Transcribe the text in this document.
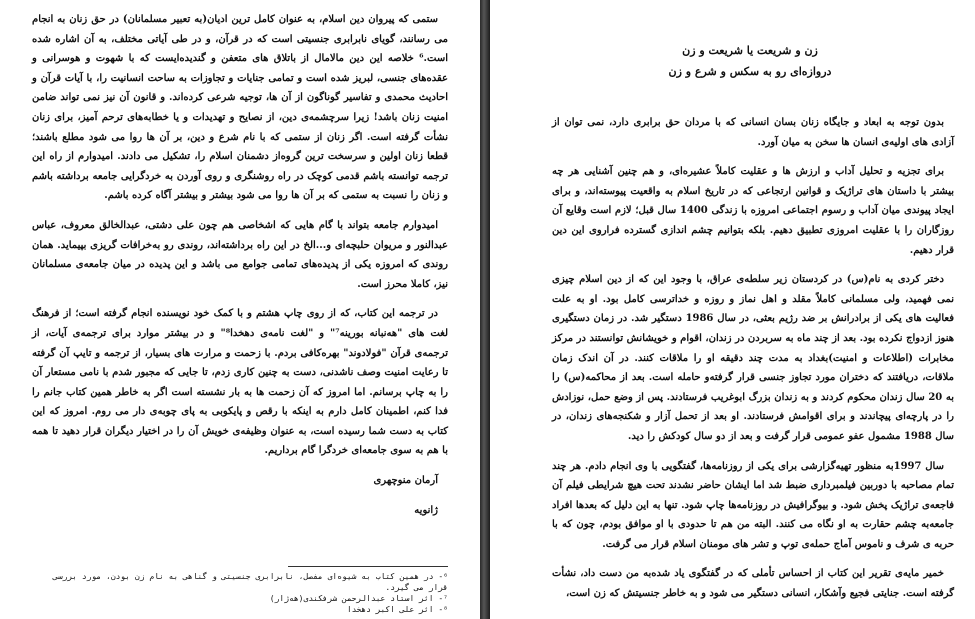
ستمی که پیروان دین اسلام، به عنوان کامل ترین ادیان(به تعبیر مسلمانان) در حق زنان به انجام می رسانند، گویای نابرابری جنسیتی است که در قرآن، و در طی آیاتی مختلف، به آن اشاره شده است.⁶ خلاصه این دین مالامال از باتلاق های متعفن و گندیده‌ایست که با شهوت و هوسرانی و عقده‌های جنسی، لبریز شده است و تمامی جنایات و تجاوزات به ساحت انسانیت را، با آیات قرآن و احادیث محمدی و تفاسیر گوناگون از آن ها، توجیه شرعی کرده‌اند. و قانون آن نیز نمی تواند ضامن امنیت زنان باشد! زیرا سرچشمه‌ی دین، از نصایح و تهدیدات و یا خطابه‌های ترحم آمیز، برای زنان نشأت گرفته است. اگر زنان از ستمی که با نام شرع و دین، بر آن ها روا می شود مطلع باشند؛ قطعا زنان اولین و سرسخت ترین گروه‌از دشمنان اسلام را، تشکیل می دادند. امیدوارم از راه این ترجمه توانسته باشم قدمی کوچک در راه روشنگری و روی آوردن به خردگرایی جامعه برداشته باشم و زنان را نسبت به ستمی که بر آن ها روا می شود بیشتر و بیشتر آگاه کرده باشم.

امیدوارم جامعه بتواند با گام هایی که اشخاصی هم چون علی دشتی، عبدالخالق معروف، عباس عبدالنور و مریوان حلبچه‌ای و...الخ در این راه برداشته‌اند، روندی رو به‌خرافات گریزی بپیماید. همان روندی که امروزه یکی از پدیده‌های تمامی جوامع می باشد و این پدیده در میان جامعه‌ی مسلمانان نیز، کاملا محرز است.

در ترجمه این کتاب، که از روی چاپ هشتم و با کمک خود نویسنده انجام گرفته است؛ از فرهنگ لغت های "هه‌نبانه بورینه⁷" و "لغت نامه‌ی دهخدا⁸" و در بیشتر موارد برای ترجمه‌ی آیات، از ترجمه‌ی قرآن "فولادوند" بهره‌کافی بردم. با زحمت و مرارت های بسیار، از ترجمه و تایپ آن گرفته تا رعایت امنیت وصف ناشدنی، دست به چنین کاری زدم، تا جایی که مجبور شدم با نامی مستعار آن را به چاپ برسانم. اما امروز که آن زحمت ها به بار نشسته است اگر به خاطر همین کتاب جانم را فدا کنم، اطمینان کامل دارم به اینکه با رقص و پایکوبی به پای چوبه‌ی دار می روم. امروز که این کتاب به دست شما رسیده است، به عنوان وظیفه‌ی خویش آن را در اختیار دیگران قرار دهید تا همه با هم به سوی جامعه‌ای خردگرا گام برداریم.

آرمان منوچهری

ژانویه

⁶- در همین کتاب به شیوه‌ای مفصل، نابرابری جنسیتی و گناهی به نام زن بودن، مورد بررسی قرار می گیرد.
⁷- اثر استاد عبدالرحمن شرفکندی(هه‌ژار)
⁸- اثر علی اکبر دهخدا
زن و شریعت یا شریعت و زن
دروازه‌ای رو به سکس و شرع و زن

بدون توجه به ابعاد و جایگاه زنان بسان انسانی که با مردان حق برابری دارد، نمی توان از آزادی های اولیه‌ی انسان ها سخن به میان آورد.

برای تجزیه و تحلیل آداب و ارزش ها و عقلیت کاملاً عشیره‌ای، و هم چنین آشنایی هر چه بیشتر با داستان های تراژیک و قوانین ارتجاعی که در تاریخ اسلام به واقعیت پیوسته‌اند، و برای ایجاد پیوندی میان آداب و رسوم اجتماعی امروزه با زندگی 1400 سال قبل؛ لازم است وقایع آن روزگاران را با عقلیت امروزی تطبیق دهیم. بلکه بتوانیم چشم اندازی گسترده فراروی این دین قرار دهیم.

دختر کردی به نام(س) در کردستان زیر سلطه‌ی عراق، با وجود این که از دین اسلام چیزی نمی فهمید، ولی مسلمانی کاملاً مقلد و اهل نماز و روزه و خداترسی کامل بود. او به علت فعالیت های یکی از برادرانش بر ضد رژیم بعثی، در سال 1986 دستگیر شد. در زمان دستگیری هنوز ازدواج نکرده بود. بعد از چند ماه به سربردن در زندان، اقوام و خویشانش توانستند در مرکز مخابرات (اطلاعات و امنیت)بغداد به مدت چند دقیقه او را ملاقات کنند. در آن اندک زمان ملاقات، دریافتند که دختران مورد تجاوز جنسی قرار گرفته‌و حامله است. بعد از محاکمه(س) را به 20 سال زندان محکوم کردند و به زندان بزرگ ابوغریب فرستادند. پس از وضع حمل، نوزادش را در پارچه‌ای پیچاندند و برای اقوامش فرستادند. او بعد از تحمل آزار و شکنجه‌های زندان، در سال 1988 مشمول عفو عمومی قرار گرفت و بعد از دو سال کودکش را دید.

سال 1997به منظور تهیه‌گزارشی برای یکی از روزنامه‌ها، گفتگویی با وی انجام دادم. هر چند تمام مصاحبه با دوربین فیلمبرداری ضبط شد اما ایشان حاضر نشدند تحت هیچ شرایطی فیلم آن فاجعه‌ی تراژیک پخش شود. و بیوگرافیش در روزنامه‌ها چاپ شود. تنها به این دلیل که بعدها افراد جامعه‌به چشم حقارت به او نگاه می کنند. البته من هم تا حدودی با او موافق بودم، چون که با حربه ی شرف و ناموس آماج حمله‌ی توپ و تشر های مومنان اسلام قرار می گرفت.

خمیر مایه‌ی تقریر این کتاب از احساس تأملی که در گفتگوی یاد شده‌به من دست داد، نشأت گرفته است. جنایتی فجیع وآشکار، انسانی دستگیر می شود و به خاطر جنسیتش که زن است،
